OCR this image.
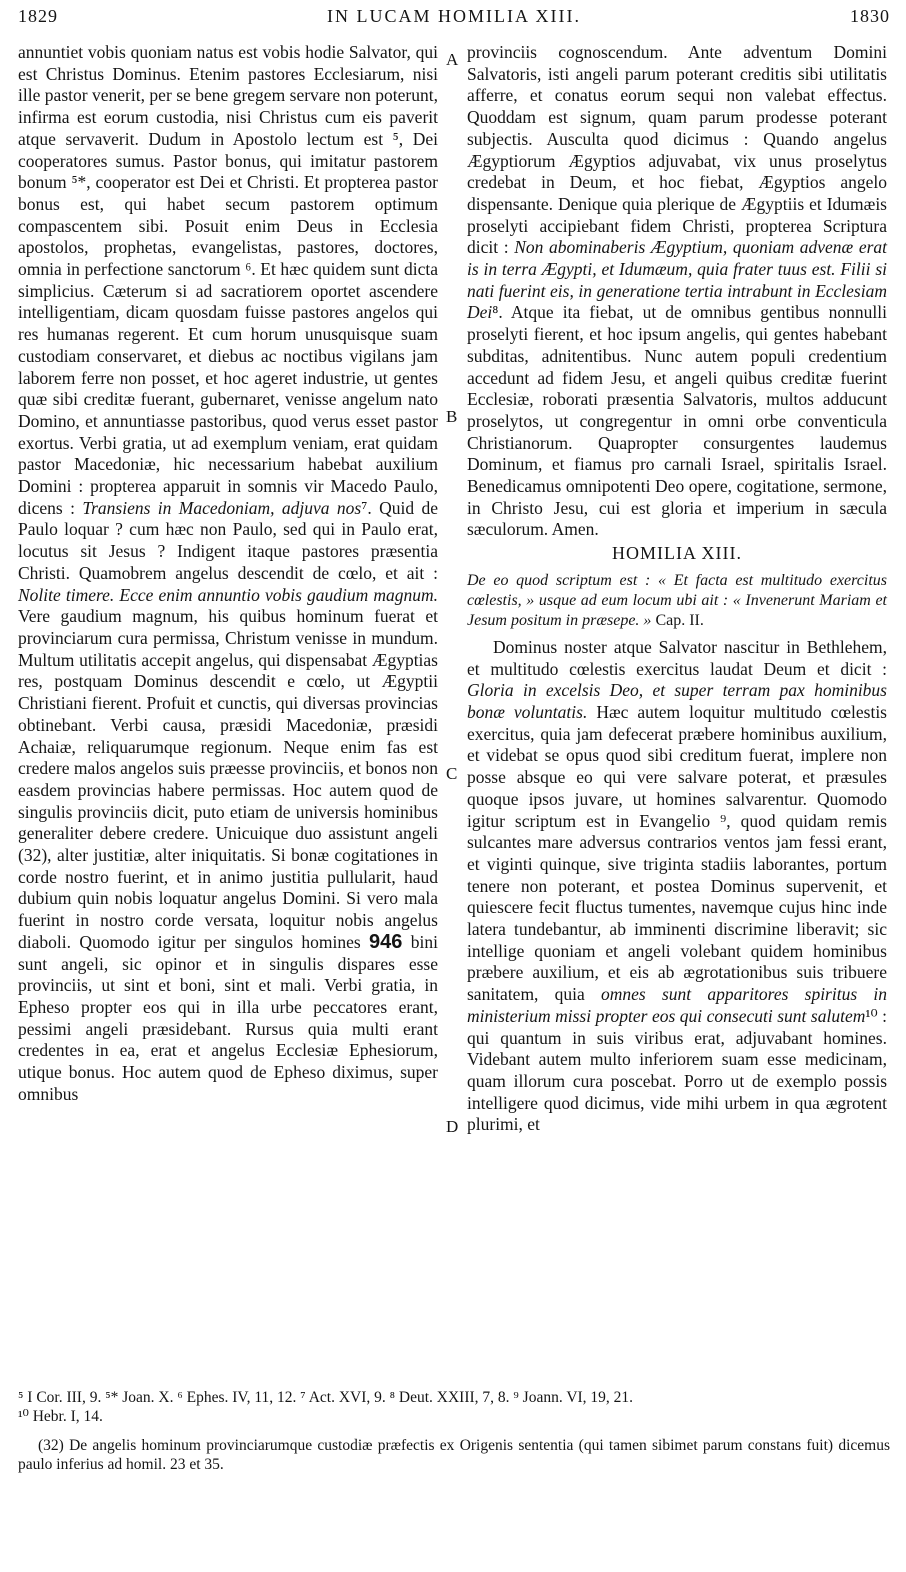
1829	IN LUCAM HOMILIA XIII.	1830
A
B
C
D

annuntiet vobis quoniam natus est vobis hodie Salvator, qui est Christus Dominus. Etenim pastores Ecclesiarum, nisi ille pastor venerit, per se bene gregem servare non poterunt, infirma est eorum custodia, nisi Christus cum eis paverit atque servaverit. Dudum in Apostolo lectum est ⁵, Dei cooperatores sumus. Pastor bonus, qui imitatur pastorem bonum ⁵*, cooperator est Dei et Christi. Et propterea pastor bonus est, qui habet secum pastorem optimum compascentem sibi. Posuit enim Deus in Ecclesia apostolos, prophetas, evangelistas, pastores, doctores, omnia in perfectione sanctorum ⁶. Et hæc quidem sunt dicta simplicius. Cæterum si ad sacratiorem oportet ascendere intelligentiam, dicam quosdam fuisse pastores angelos qui res humanas regerent. Et cum horum unusquisque suam custodiam conservaret, et diebus ac noctibus vigilans jam laborem ferre non posset, et hoc ageret industrie, ut gentes quæ sibi creditæ fuerant, gubernaret, venisse angelum nato Domino, et annuntiasse pastoribus, quod verus esset pastor exortus. Verbi gratia, ut ad exemplum veniam, erat quidam pastor Macedoniæ, hic necessarium habebat auxilium Domini : propterea apparuit in somnis vir Macedo Paulo, dicens : Transiens in Macedoniam, adjuva nos⁷. Quid de Paulo loquar ? cum hæc non Paulo, sed qui in Paulo erat, locutus sit Jesus ? Indigent itaque pastores præsentia Christi. Quamobrem angelus descendit de cœlo, et ait : Nolite timere. Ecce enim annuntio vobis gaudium magnum. Vere gaudium magnum, his quibus hominum fuerat et provinciarum cura permissa, Christum venisse in mundum. Multum utilitatis accepit angelus, qui dispensabat Ægyptias res, postquam Dominus descendit e cœlo, ut Ægyptii Christiani fierent. Profuit et cunctis, qui diversas provincias obtinebant. Verbi causa, præsidi Macedoniæ, præsidi Achaiæ, reliquarumque regionum. Neque enim fas est credere malos angelos suis præesse provinciis, et bonos non easdem provincias habere permissas. Hoc autem quod de singulis provinciis dicit, puto etiam de universis hominibus generaliter debere credere. Unicuique duo assistunt angeli (32), alter justitiæ, alter iniquitatis. Si bonæ cogitationes in corde nostro fuerint, et in animo justitia pullularit, haud dubium quin nobis loquatur angelus Domini. Si vero mala fuerint in nostro corde versata, loquitur nobis angelus diaboli. Quomodo igitur per singulos homines 946 bini sunt angeli, sic opinor et in singulis dispares esse provinciis, ut sint et boni, sint et mali. Verbi gratia, in Epheso propter eos qui in illa urbe peccatores erant, pessimi angeli præsidebant. Rursus quia multi erant credentes in ea, erat et angelus Ecclesiæ Ephesiorum, utique bonus. Hoc autem quod de Epheso diximus, super omnibus

provinciis cognoscendum. Ante adventum Domini Salvatoris, isti angeli parum poterant creditis sibi utilitatis afferre, et conatus eorum sequi non valebat effectus. Quoddam est signum, quam parum prodesse poterant subjectis. Ausculta quod dicimus : Quando angelus Ægyptiorum Ægyptios adjuvabat, vix unus proselytus credebat in Deum, et hoc fiebat, Ægyptios angelo dispensante. Denique quia plerique de Ægyptiis et Idumæis proselyti accipiebant fidem Christi, propterea Scriptura dicit : Non abominaberis Ægyptium, quoniam advenæ erat is in terra Ægypti, et Idumæum, quia frater tuus est. Filii si nati fuerint eis, in generatione tertia intrabunt in Ecclesiam Dei⁸. Atque ita fiebat, ut de omnibus gentibus nonnulli proselyti fierent, et hoc ipsum angelis, qui gentes habebant subditas, adnitentibus. Nunc autem populi credentium accedunt ad fidem Jesu, et angeli quibus creditæ fuerint Ecclesiæ, roborati præsentia Salvatoris, multos adducunt proselytos, ut congregentur in omni orbe conventicula Christianorum. Quapropter consurgentes laudemus Dominum, et fiamus pro carnali Israel, spiritalis Israel. Benedicamus omnipotenti Deo opere, cogitatione, sermone, in Christo Jesu, cui est gloria et imperium in sæcula sæculorum. Amen.

HOMILIA XIII.

De eo quod scriptum est : « Et facta est multitudo exercitus cœlestis, » usque ad eum locum ubi ait : « Invenerunt Mariam et Jesum positum in præsepe. » Cap. II.

Dominus noster atque Salvator nascitur in Bethlehem, et multitudo cœlestis exercitus laudat Deum et dicit : Gloria in excelsis Deo, et super terram pax hominibus bonæ voluntatis. Hæc autem loquitur multitudo cœlestis exercitus, quia jam defecerat præbere hominibus auxilium, et videbat se opus quod sibi creditum fuerat, implere non posse absque eo qui vere salvare poterat, et præsules quoque ipsos juvare, ut homines salvarentur. Quomodo igitur scriptum est in Evangelio ⁹, quod quidam remis sulcantes mare adversus contrarios ventos jam fessi erant, et viginti quinque, sive triginta stadiis laborantes, portum tenere non poterant, et postea Dominus supervenit, et quiescere fecit fluctus tumentes, navemque cujus hinc inde latera tundebantur, ab imminenti discrimine liberavit; sic intellige quoniam et angeli volebant quidem hominibus præbere auxilium, et eis ab ægrotationibus suis tribuere sanitatem, quia omnes sunt apparitores spiritus in ministerium missi propter eos qui consecuti sunt salutem¹⁰ : qui quantum in suis viribus erat, adjuvabant homines. Videbant autem multo inferiorem suam esse medicinam, quam illorum cura poscebat. Porro ut de exemplo possis intelligere quod dicimus, vide mihi urbem in qua ægrotent plurimi, et

⁵ I Cor. III, 9. ⁵* Joan. X. ⁶ Ephes. IV, 11, 12. ⁷ Act. XVI, 9. ⁸ Deut. XXIII, 7, 8. ⁹ Joann. VI, 19, 21.

¹⁰ Hebr. I, 14.

(32) De angelis hominum provinciarumque custodiæ præfectis ex Origenis sententia (qui tamen sibimet parum constans fuit) dicemus paulo inferius ad homil. 23 et 35.
